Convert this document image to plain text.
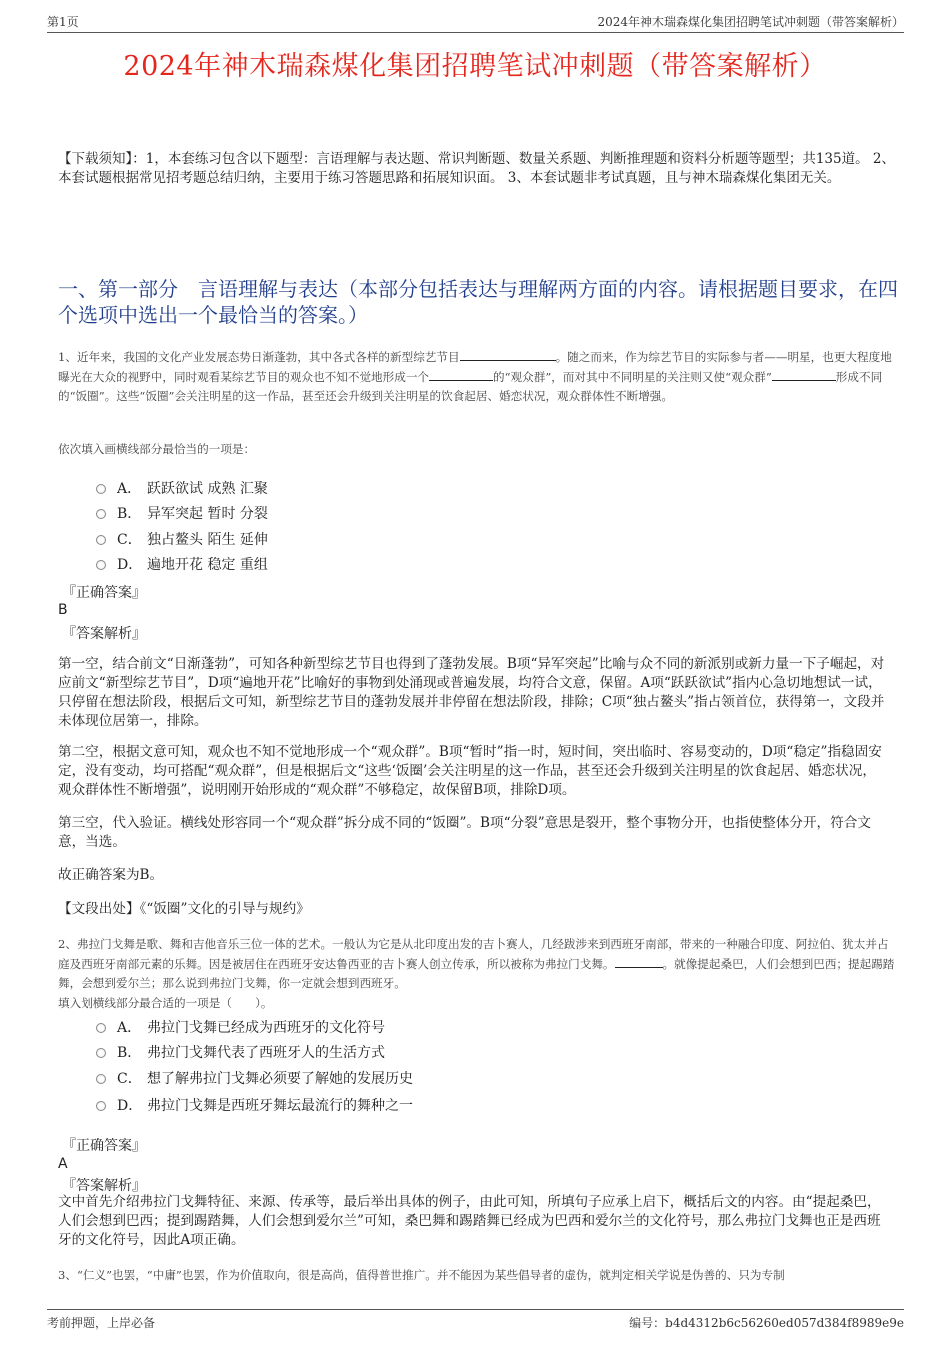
第1页	2024年神木瑞森煤化集团招聘笔试冲刺题（带答案解析）
2024年神木瑞森煤化集团招聘笔试冲刺题（带答案解析）
【下载须知】：1，本套练习包含以下题型：言语理解与表达题、常识判断题、数量关系题、判断推理题和资料分析题等题型；共135道。 2、本套试题根据常见招考题总结归纳，主要用于练习答题思路和拓展知识面。 3、本套试题非考试真题，且与神木瑞森煤化集团无关。
一、第一部分　言语理解与表达（本部分包括表达与理解两方面的内容。请根据题目要求，在四个选项中选出一个最恰当的答案。）
1、近年来，我国的文化产业发展态势日渐蓬勃，其中各式各样的新型综艺节目	。随之而来，作为综艺节目的实际参与者——明星，也更大程度地曝光在大众的视野中，同时观看某综艺节目的观众也不知不觉地形成一个	的“观众群”，而对其中不同明星的关注则又使“观众群”	形成不同的“饭圈”。这些“饭圈”会关注明星的这一作品，甚至还会升级到关注明星的饮食起居、婚恋状况，观众群体性不断增强。
依次填入画横线部分最恰当的一项是：
A． 跃跃欲试 成熟 汇聚
B． 异军突起 暂时 分裂
C． 独占鳌头 陌生 延伸
D． 遍地开花 稳定 重组
『正确答案』
B
『答案解析』
第一空，结合前文“日渐蓬勃”，可知各种新型综艺节目也得到了蓬勃发展。B项“异军突起”比喻与众不同的新派别或新力量一下子崛起，对应前文“新型综艺节目”，D项“遍地开花”比喻好的事物到处涌现或普遍发展，均符合文意，保留。A项“跃跃欲试”指内心急切地想试一试，只停留在想法阶段，根据后文可知，新型综艺节目的蓬勃发展并非停留在想法阶段，排除；C项“独占鳌头”指占领首位，获得第一，文段并未体现位居第一，排除。
第二空，根据文意可知，观众也不知不觉地形成一个“观众群”。B项“暂时”指一时，短时间，突出临时、容易变动的，D项“稳定”指稳固安定，没有变动，均可搭配“观众群”，但是根据后文“这些‘饭圈’会关注明星的这一作品，甚至还会升级到关注明星的饮食起居、婚恋状况，观众群体性不断增强”，说明刚开始形成的“观众群”不够稳定，故保留B项，排除D项。
第三空，代入验证。横线处形容同一个“观众群”拆分成不同的“饭圈”。B项“分裂”意思是裂开，整个事物分开，也指使整体分开，符合文意，当选。
故正确答案为B。
【文段出处】《“饭圈”文化的引导与规约》
2、弗拉门戈舞是歌、舞和吉他音乐三位一体的艺术。一般认为它是从北印度出发的吉卜赛人，几经跋涉来到西班牙南部，带来的一种融合印度、阿拉伯、犹太并占庭及西班牙南部元素的乐舞。因是被居住在西班牙安达鲁西亚的吉卜赛人创立传承，所以被称为弗拉门戈舞。	。就像提起桑巴，人们会想到巴西；提起踢踏舞，会想到爱尔兰；那么说到弗拉门戈舞，你一定就会想到西班牙。
填入划横线部分最合适的一项是（　　）。
A． 弗拉门戈舞已经成为西班牙的文化符号
B． 弗拉门戈舞代表了西班牙人的生活方式
C． 想了解弗拉门戈舞必须要了解她的发展历史
D． 弗拉门戈舞是西班牙舞坛最流行的舞种之一
『正确答案』
A
『答案解析』
文中首先介绍弗拉门戈舞特征、来源、传承等，最后举出具体的例子，由此可知，所填句子应承上启下，概括后文的内容。由“提起桑巴，人们会想到巴西；提到踢踏舞，人们会想到爱尔兰”可知，桑巴舞和踢踏舞已经成为巴西和爱尔兰的文化符号，那么弗拉门戈舞也正是西班牙的文化符号，因此A项正确。
3、“仁义”也罢，“中庸”也罢，作为价值取向，很是高尚，值得普世推广。并不能因为某些倡导者的虚伪，就判定相关学说是伪善的、只为专制
考前押题，上岸必备	编号：b4d4312b6c56260ed057d384f8989e9e
